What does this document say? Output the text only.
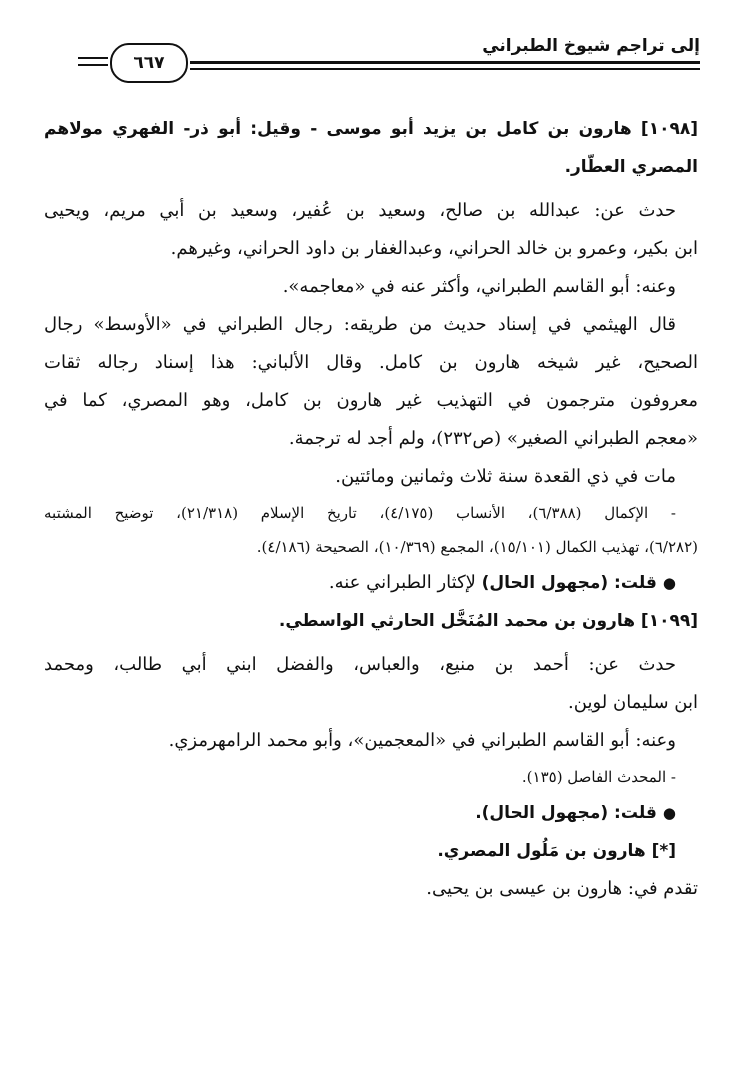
إلى تراجم شيوخ الطبراني
٦٦٧
[١٠٩٨] هارون بن كامل بن يزيد أبو موسى - وقيل: أبو ذر- الفهري مولاهم
المصري العطّار.
حدث عن: عبدالله بن صالح، وسعيد بن عُفير، وسعيد بن أبي مريم، ويحيى
ابن بكير، وعمرو بن خالد الحراني، وعبدالغفار بن داود الحراني، وغيرهم.
وعنه: أبو القاسم الطبراني، وأكثر عنه في «معاجمه».
قال الهيثمي في إسناد حديث من طريقه: رجال الطبراني في «الأوسط» رجال
الصحيح، غير شيخه هارون بن كامل. وقال الألباني: هذا إسناد رجاله ثقات
معروفون مترجمون في التهذيب غير هارون بن كامل، وهو المصري، كما في
«معجم الطبراني الصغير» (ص٢٣٢)، ولم أجد له ترجمة.
مات في ذي القعدة سنة ثلاث وثمانين ومائتين.
- الإكمال (٦/٣٨٨)، الأنساب (٤/١٧٥)، تاريخ الإسلام (٢١/٣١٨)، توضيح المشتبه
(٦/٢٨٢)، تهذيب الكمال (١٥/١٠١)، المجمع (١٠/٣٦٩)، الصحيحة (٤/١٨٦).
●قلت: (مجهول الحال) لإكثار الطبراني عنه.
[١٠٩٩] هارون بن محمد المُنَخَّل الحارثي الواسطي.
حدث عن: أحمد بن منيع، والعباس، والفضل ابني أبي طالب، ومحمد
ابن سليمان لوين.
وعنه: أبو القاسم الطبراني في «المعجمين»، وأبو محمد الرامهرمزي.
- المحدث الفاصل (١٣٥).
●قلت: (مجهول الحال).
[*] هارون بن مَلُول المصري.
تقدم في: هارون بن عيسى بن يحيى.
